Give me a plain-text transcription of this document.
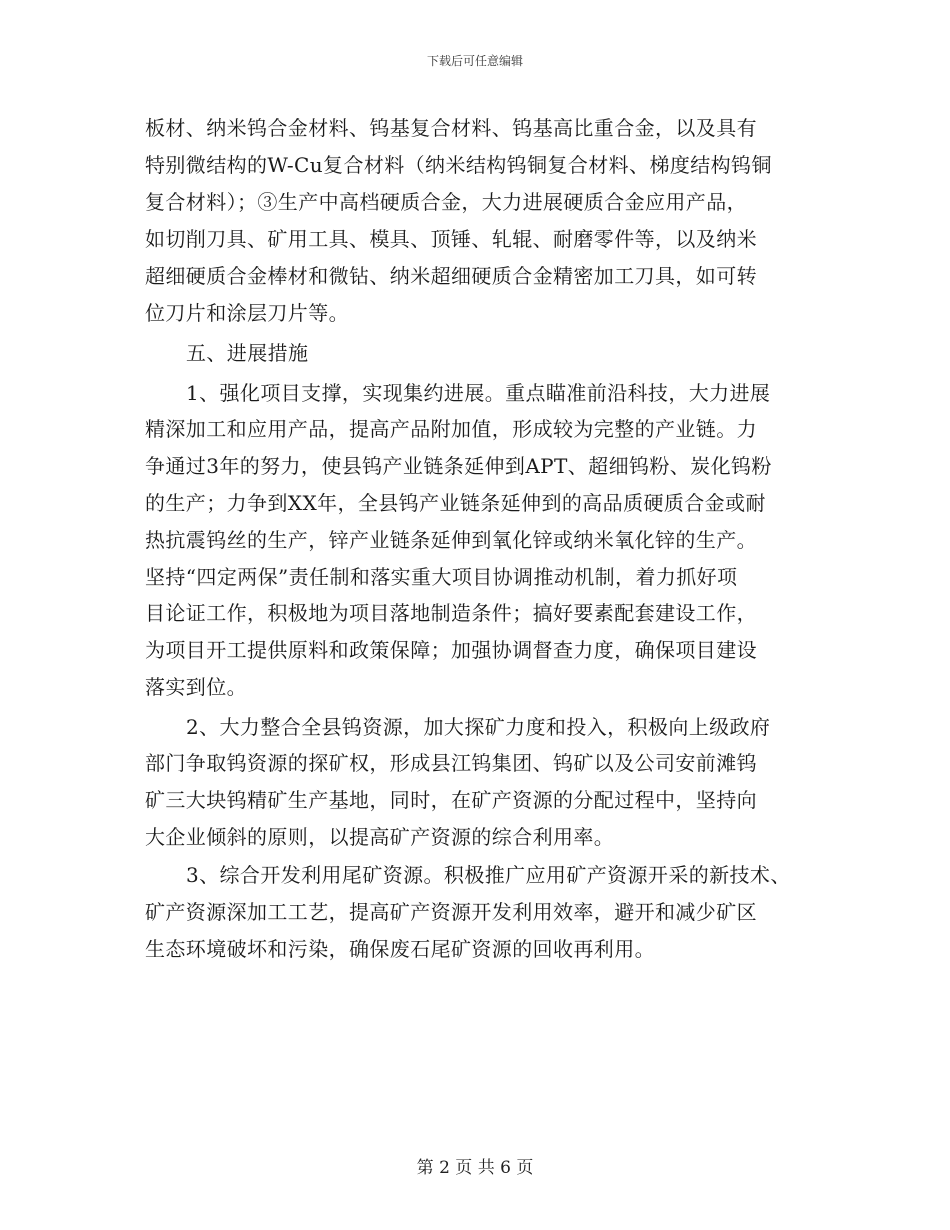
下载后可任意编辑
板材、纳米钨合金材料、钨基复合材料、钨基高比重合金，以及具有
特别微结构的W-Cu复合材料（纳米结构钨铜复合材料、梯度结构钨铜
复合材料）；③生产中高档硬质合金，大力进展硬质合金应用产品，
如切削刀具、矿用工具、模具、顶锤、轧辊、耐磨零件等，以及纳米
超细硬质合金棒材和微钻、纳米超细硬质合金精密加工刀具，如可转
位刀片和涂层刀片等。
五、进展措施
1、强化项目支撑，实现集约进展。重点瞄准前沿科技，大力进展
精深加工和应用产品，提高产品附加值，形成较为完整的产业链。力
争通过3年的努力，使县钨产业链条延伸到APT、超细钨粉、炭化钨粉
的生产；力争到XX年，全县钨产业链条延伸到的高品质硬质合金或耐
热抗震钨丝的生产，锌产业链条延伸到氧化锌或纳米氧化锌的生产。
坚持“四定两保”责任制和落实重大项目协调推动机制，着力抓好项
目论证工作，积极地为项目落地制造条件；搞好要素配套建设工作，
为项目开工提供原料和政策保障；加强协调督查力度，确保项目建设
落实到位。
2、大力整合全县钨资源，加大探矿力度和投入，积极向上级政府
部门争取钨资源的探矿权，形成县江钨集团、钨矿以及公司安前滩钨
矿三大块钨精矿生产基地，同时，在矿产资源的分配过程中，坚持向
大企业倾斜的原则，以提高矿产资源的综合利用率。
3、综合开发利用尾矿资源。积极推广应用矿产资源开采的新技术、
矿产资源深加工工艺，提高矿产资源开发利用效率，避开和减少矿区
生态环境破坏和污染，确保废石尾矿资源的回收再利用。
第 2 页 共 6 页
